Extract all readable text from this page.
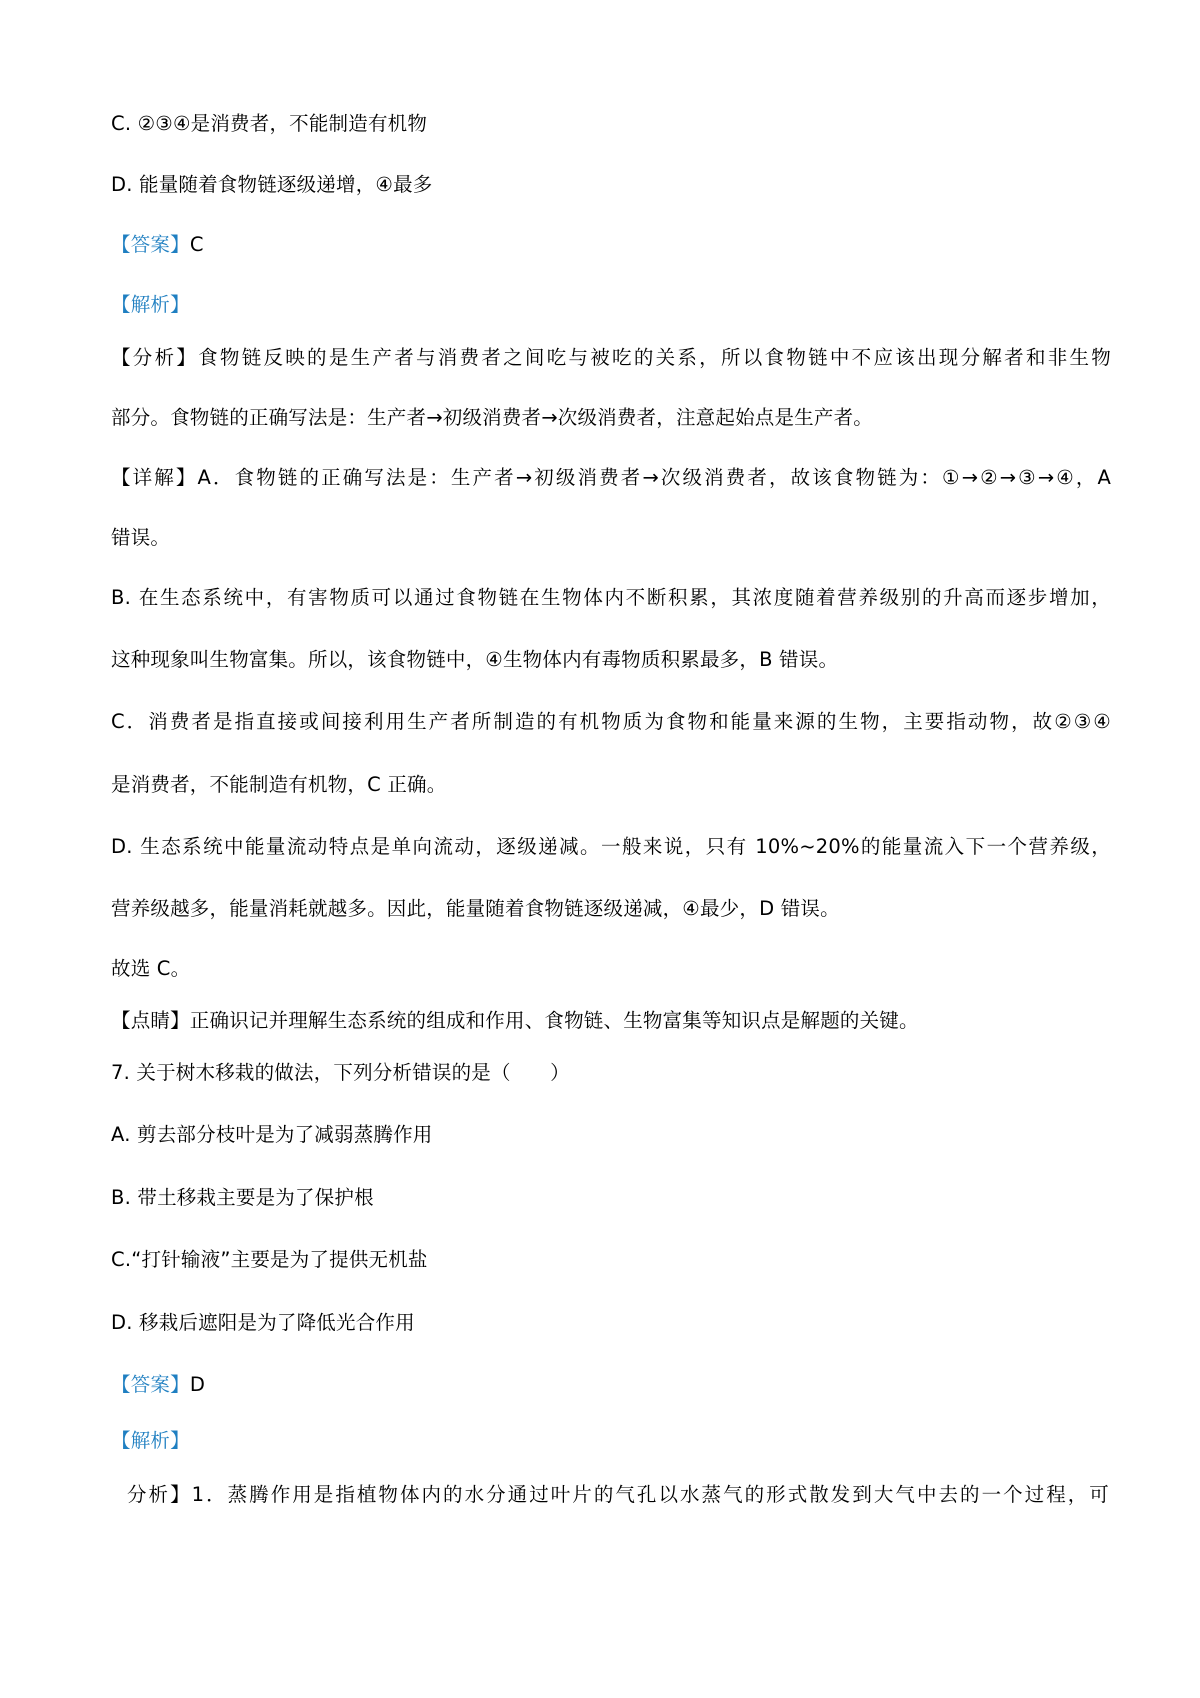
C. ②③④是消费者，不能制造有机物
D. 能量随着食物链逐级递增，④最多
【答案】C
【解析】
【分析】食物链反映的是生产者与消费者之间吃与被吃的关系，所以食物链中不应该出现分解者和非生物
部分。食物链的正确写法是：生产者→初级消费者→次级消费者，注意起始点是生产者。
【详解】A．食物链的正确写法是：生产者→初级消费者→次级消费者，故该食物链为：①→②→③→④，A
错误。
B. 在生态系统中，有害物质可以通过食物链在生物体内不断积累，其浓度随着营养级别的升高而逐步增加，
这种现象叫生物富集。所以，该食物链中，④生物体内有毒物质积累最多，B 错误。
C．消费者是指直接或间接利用生产者所制造的有机物质为食物和能量来源的生物，主要指动物，故②③④
是消费者，不能制造有机物，C 正确。
D. 生态系统中能量流动特点是单向流动，逐级递减。一般来说，只有 10%~20%的能量流入下一个营养级，
营养级越多，能量消耗就越多。因此，能量随着食物链逐级递减，④最少，D 错误。
故选 C。
【点睛】正确识记并理解生态系统的组成和作用、食物链、生物富集等知识点是解题的关键。
7. 关于树木移栽的做法，下列分析错误的是（　　）
A. 剪去部分枝叶是为了减弱蒸腾作用
B. 带土移栽主要是为了保护根
C.“打针输液”主要是为了提供无机盐
D. 移栽后遮阳是为了降低光合作用
【答案】D
【解析】
分析】1．蒸腾作用是指植物体内的水分通过叶片的气孔以水蒸气的形式散发到大气中去的一个过程，可
